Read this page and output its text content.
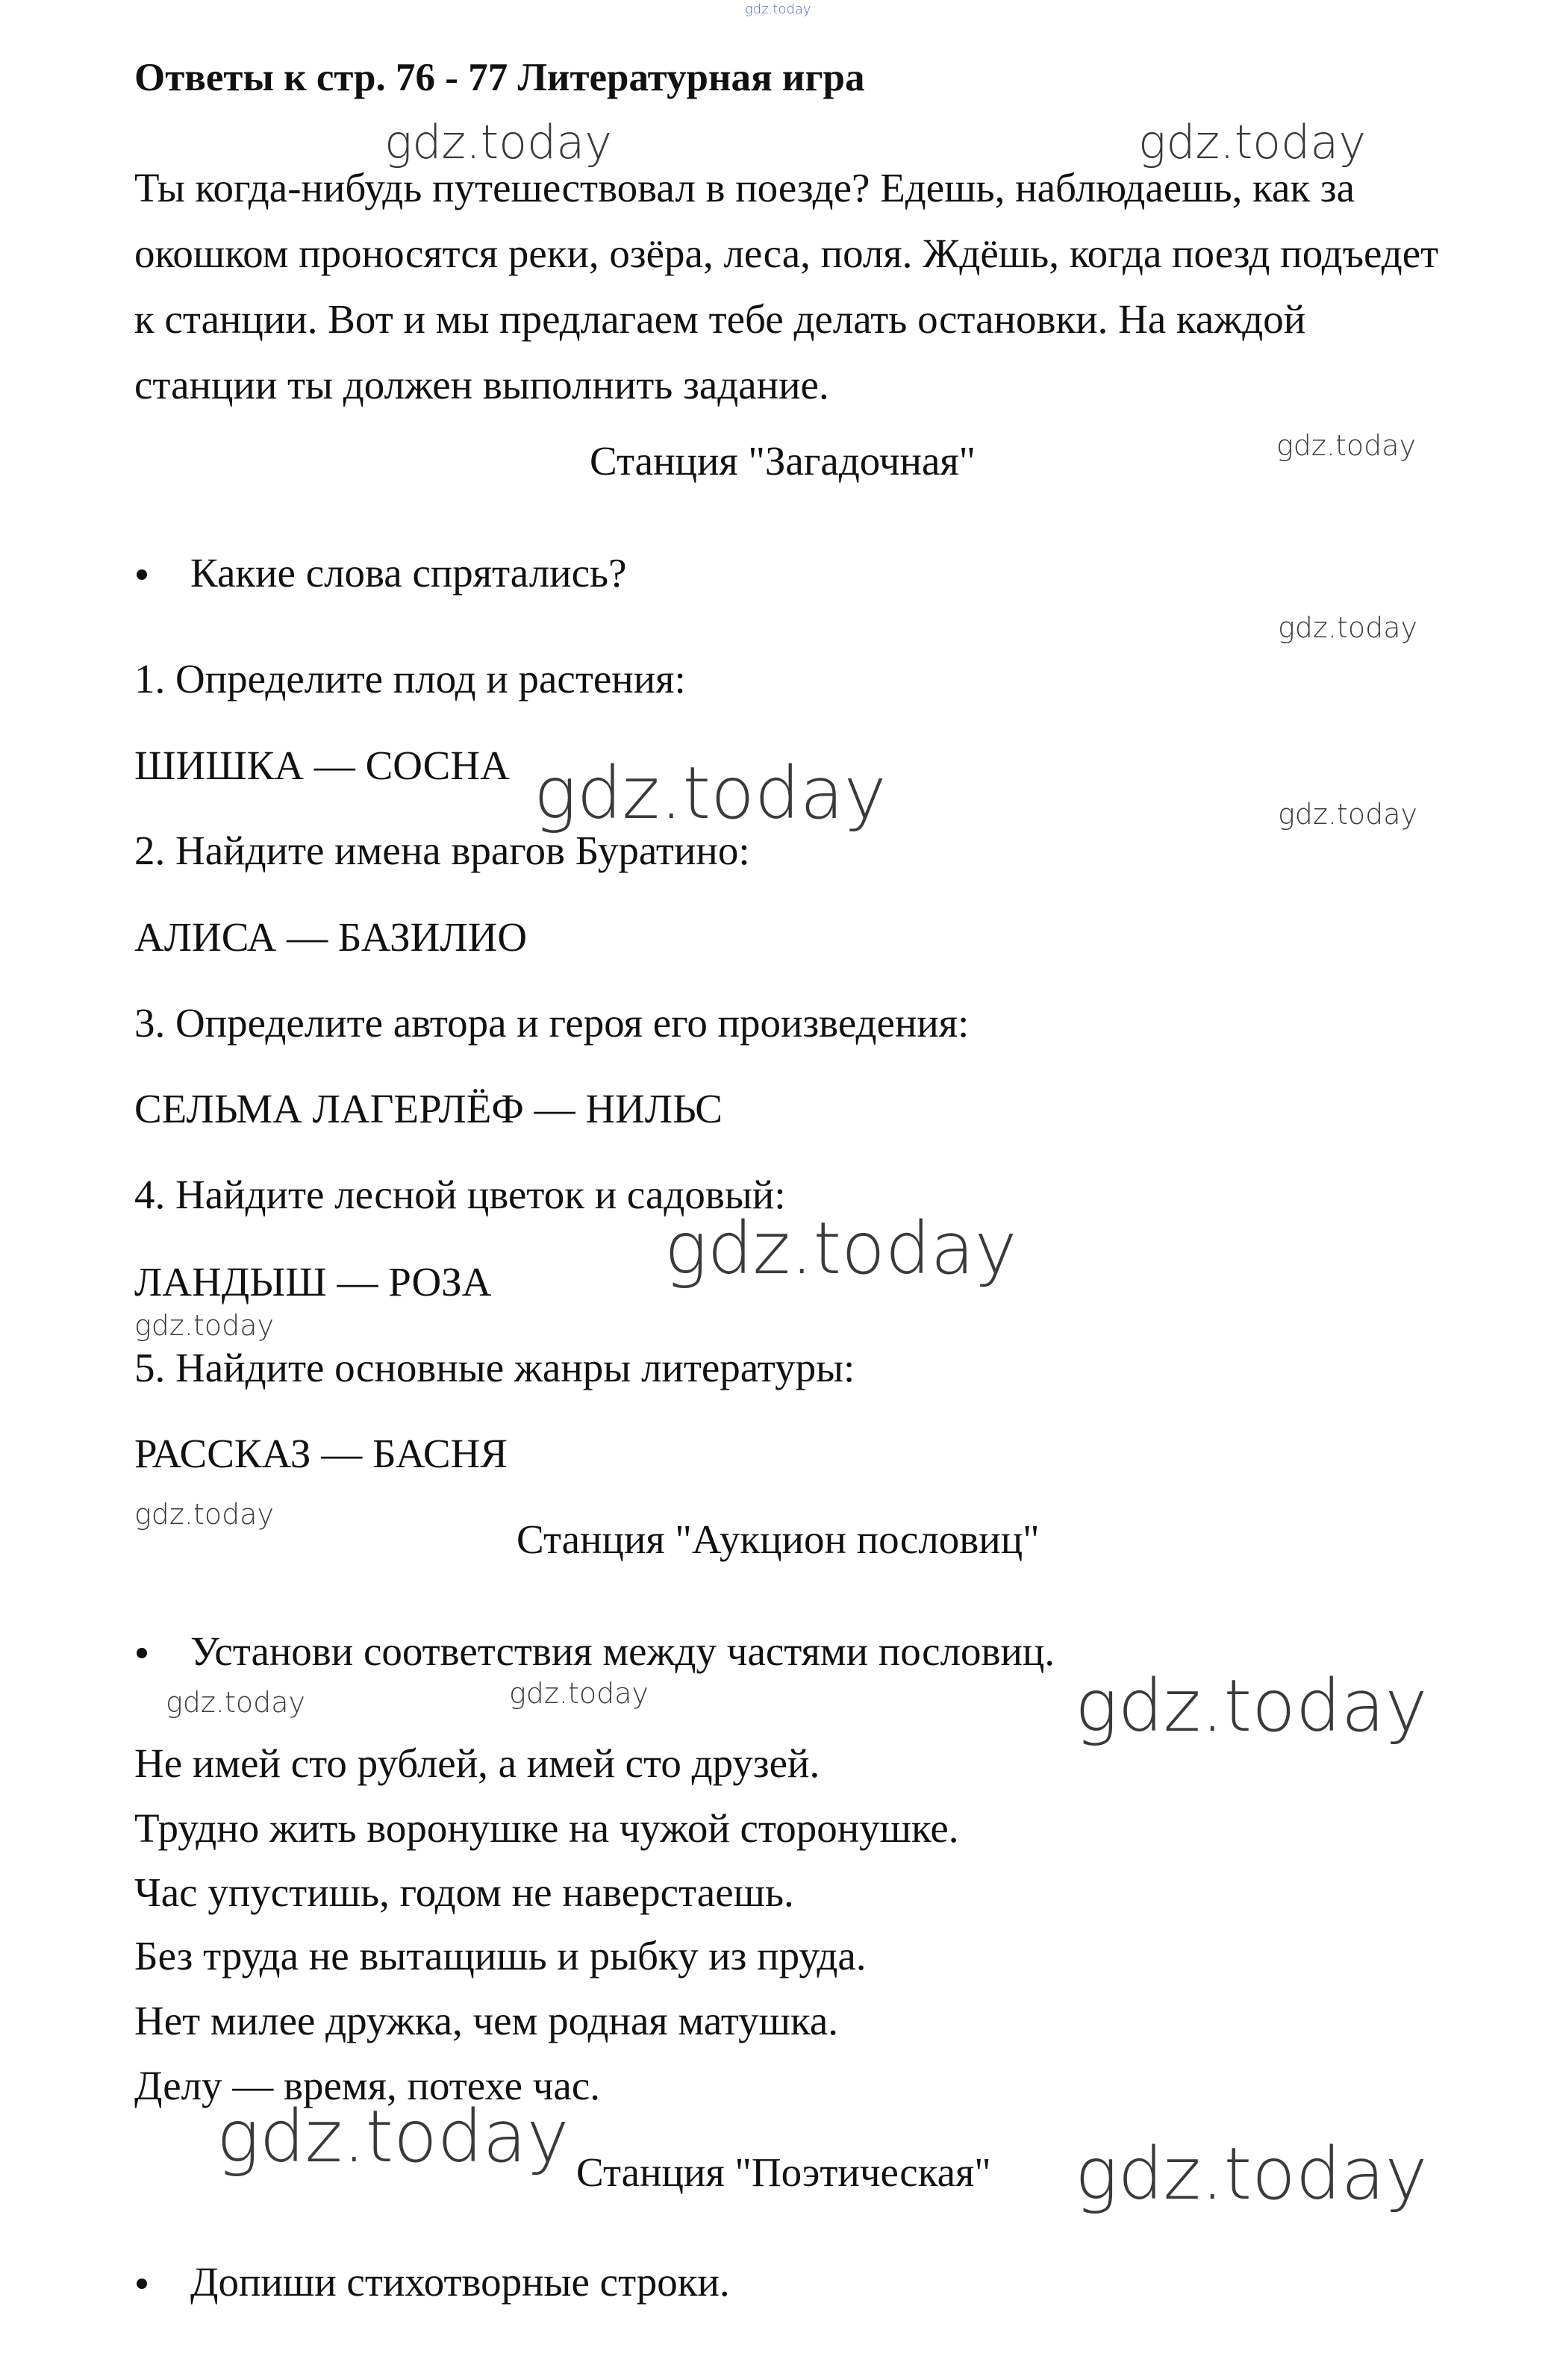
gdz.today
Ответы к стр. 76 - 77 Литературная игра
Ты когда-нибудь путешествовал в поезде? Едешь, наблюдаешь, как за окошком проносятся реки, озёра, леса, поля. Ждёшь, когда поезд подъедет к станции. Вот и мы предлагаем тебе делать остановки. На каждой станции ты должен выполнить задание.
Станция "Загадочная"
Какие слова спрятались?
1. Определите плод и растения:
ШИШКА — СОСНА
2. Найдите имена врагов Буратино:
АЛИСА — БАЗИЛИО
3. Определите автора и героя его произведения:
СЕЛЬМА ЛАГЕРЛЁФ — НИЛЬС
4. Найдите лесной цветок и садовый:
ЛАНДЫШ — РОЗА
5. Найдите основные жанры литературы:
РАССКАЗ — БАСНЯ
Станция "Аукцион пословиц"
Установи соответствия между частями пословиц.
Не имей сто рублей, а имей сто друзей.
Трудно жить воронушке на чужой сторонушке.
Час упустишь, годом не наверстаешь.
Без труда не вытащишь и рыбку из пруда.
Нет милее дружка, чем родная матушка.
Делу — время, потехе час.
Станция "Поэтическая"
Допиши стихотворные строки.
gdz.today	gdz.today
gdz.today
gdz.today
gdz.today	gdz.today
gdz.today
gdz.today
gdz.today
gdz.today	gdz.today	gdz.today
gdz.today	gdz.today
